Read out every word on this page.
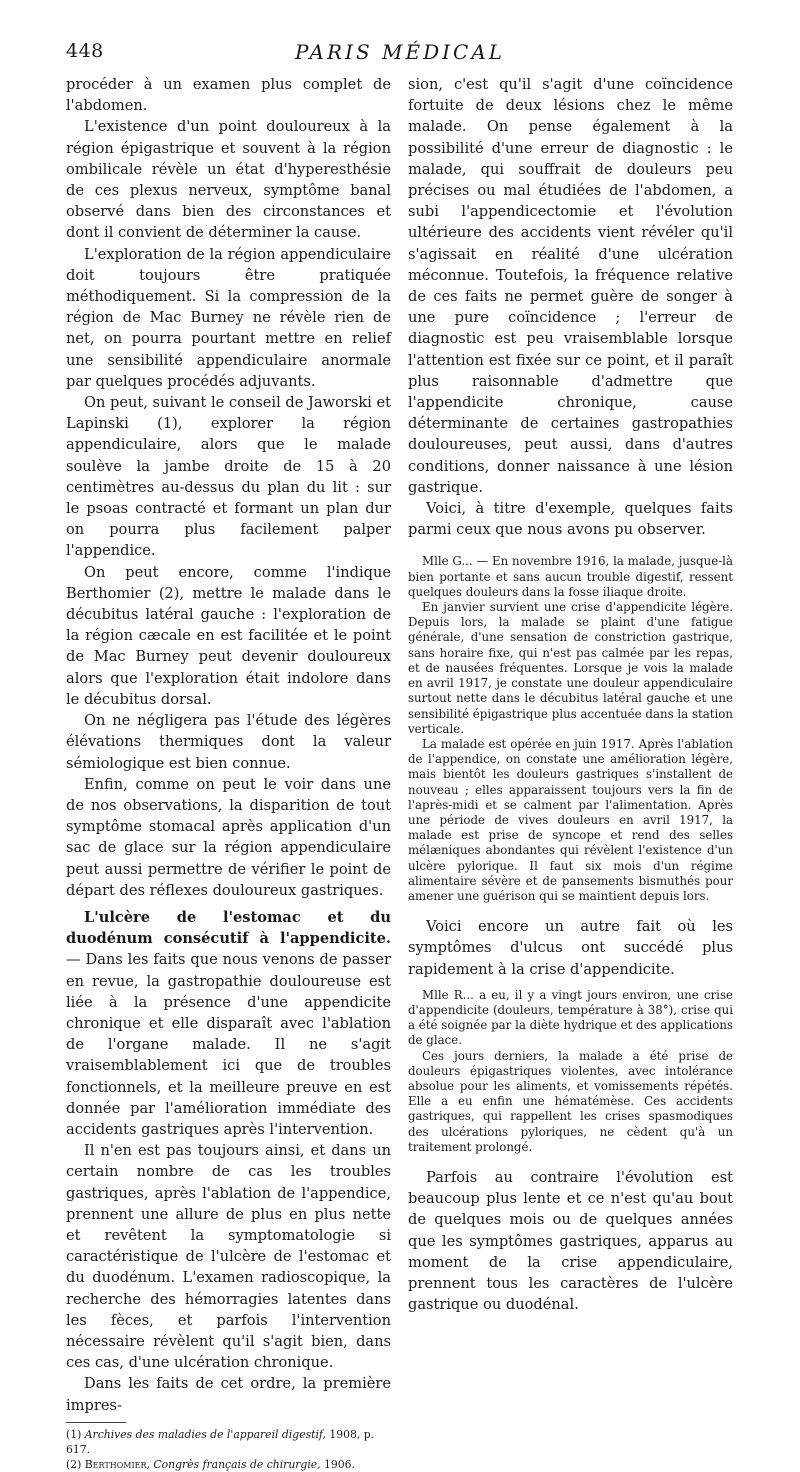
448	PARIS MÉDICAL

procéder à un examen plus complet de l'abdomen.

L'existence d'un point douloureux à la région épigastrique et souvent à la région ombilicale révèle un état d'hyperesthésie de ces plexus nerveux, symptôme banal observé dans bien des circonstances et dont il convient de déterminer la cause.

L'exploration de la région appendiculaire doit toujours être pratiquée méthodiquement. Si la compression de la région de Mac Burney ne révèle rien de net, on pourra pourtant mettre en relief une sensibilité appendiculaire anormale par quelques procédés adjuvants.

On peut, suivant le conseil de Jaworski et Lapinski (1), explorer la région appendiculaire, alors que le malade soulève la jambe droite de 15 à 20 centimètres au-dessus du plan du lit : sur le psoas contracté et formant un plan dur on pourra plus facilement palper l'appendice.

On peut encore, comme l'indique Berthomier (2), mettre le malade dans le décubitus latéral gauche : l'exploration de la région cæcale en est facilitée et le point de Mac Burney peut devenir douloureux alors que l'exploration était indolore dans le décubitus dorsal.

On ne négligera pas l'étude des légères élévations thermiques dont la valeur sémiologique est bien connue.

Enfin, comme on peut le voir dans une de nos observations, la disparition de tout symptôme stomacal après application d'un sac de glace sur la région appendiculaire peut aussi permettre de vérifier le point de départ des réflexes douloureux gastriques.

L'ulcère de l'estomac et du duodénum consécutif à l'appendicite. — Dans les faits que nous venons de passer en revue, la gastropathie douloureuse est liée à la présence d'une appendicite chronique et elle disparaît avec l'ablation de l'organe malade. Il ne s'agit vraisemblablement ici que de troubles fonctionnels, et la meilleure preuve en est donnée par l'amélioration immédiate des accidents gastriques après l'intervention.

Il n'en est pas toujours ainsi, et dans un certain nombre de cas les troubles gastriques, après l'ablation de l'appendice, prennent une allure de plus en plus nette et revêtent la symptomatologie si caractéristique de l'ulcère de l'estomac et du duodénum. L'examen radioscopique, la recherche des hémorragies latentes dans les fèces, et parfois l'intervention nécessaire révèlent qu'il s'agit bien, dans ces cas, d'une ulcération chronique.

Dans les faits de cet ordre, la première impres-

(1) Archives des maladies de l'appareil digestif, 1908, p. 617.

(2) Berthomier, Congrès français de chirurgie, 1906.

sion, c'est qu'il s'agit d'une coïncidence fortuite de deux lésions chez le même malade. On pense également à la possibilité d'une erreur de diagnostic : le malade, qui souffrait de douleurs peu précises ou mal étudiées de l'abdomen, a subi l'appendicectomie et l'évolution ultérieure des accidents vient révéler qu'il s'agissait en réalité d'une ulcération méconnue. Toutefois, la fréquence relative de ces faits ne permet guère de songer à une pure coïncidence ; l'erreur de diagnostic est peu vraisemblable lorsque l'attention est fixée sur ce point, et il paraît plus raisonnable d'admettre que l'appendicite chronique, cause déterminante de certaines gastropathies douloureuses, peut aussi, dans d'autres conditions, donner naissance à une lésion gastrique.

Voici, à titre d'exemple, quelques faits parmi ceux que nous avons pu observer.

Mlle G... — En novembre 1916, la malade, jusque-là bien portante et sans aucun trouble digestif, ressent quelques douleurs dans la fosse iliaque droite.

En janvier survient une crise d'appendicite légère. Depuis lors, la malade se plaint d'une fatigue générale, d'une sensation de constriction gastrique, sans horaire fixe, qui n'est pas calmée par les repas, et de nausées fréquentes. Lorsque je vois la malade en avril 1917, je constate une douleur appendiculaire surtout nette dans le décubitus latéral gauche et une sensibilité épigastrique plus accentuée dans la station verticale.

La malade est opérée en juin 1917. Après l'ablation de l'appendice, on constate une amélioration légère, mais bientôt les douleurs gastriques s'installent de nouveau ; elles apparaissent toujours vers la fin de l'après-midi et se calment par l'alimentation. Après une période de vives douleurs en avril 1917, la malade est prise de syncope et rend des selles mélæniques abondantes qui révèlent l'existence d'un ulcère pylorique. Il faut six mois d'un régime alimentaire sévère et de pansements bismuthés pour amener une guérison qui se maintient depuis lors.

Voici encore un autre fait où les symptômes d'ulcus ont succédé plus rapidement à la crise d'appendicite.

Mlle R... a eu, il y a vingt jours environ, une crise d'appendicite (douleurs, température à 38°), crise qui a été soignée par la diète hydrique et des applications de glace.

Ces jours derniers, la malade a été prise de douleurs épigastriques violentes, avec intolérance absolue pour les aliments, et vomissements répétés. Elle a eu enfin une hématémèse. Ces accidents gastriques, qui rappellent les crises spasmodiques des ulcérations pyloriques, ne cèdent qu'à un traitement prolongé.

Parfois au contraire l'évolution est beaucoup plus lente et ce n'est qu'au bout de quelques mois ou de quelques années que les symptômes gastriques, apparus au moment de la crise appendiculaire, prennent tous les caractères de l'ulcère gastrique ou duodénal.
